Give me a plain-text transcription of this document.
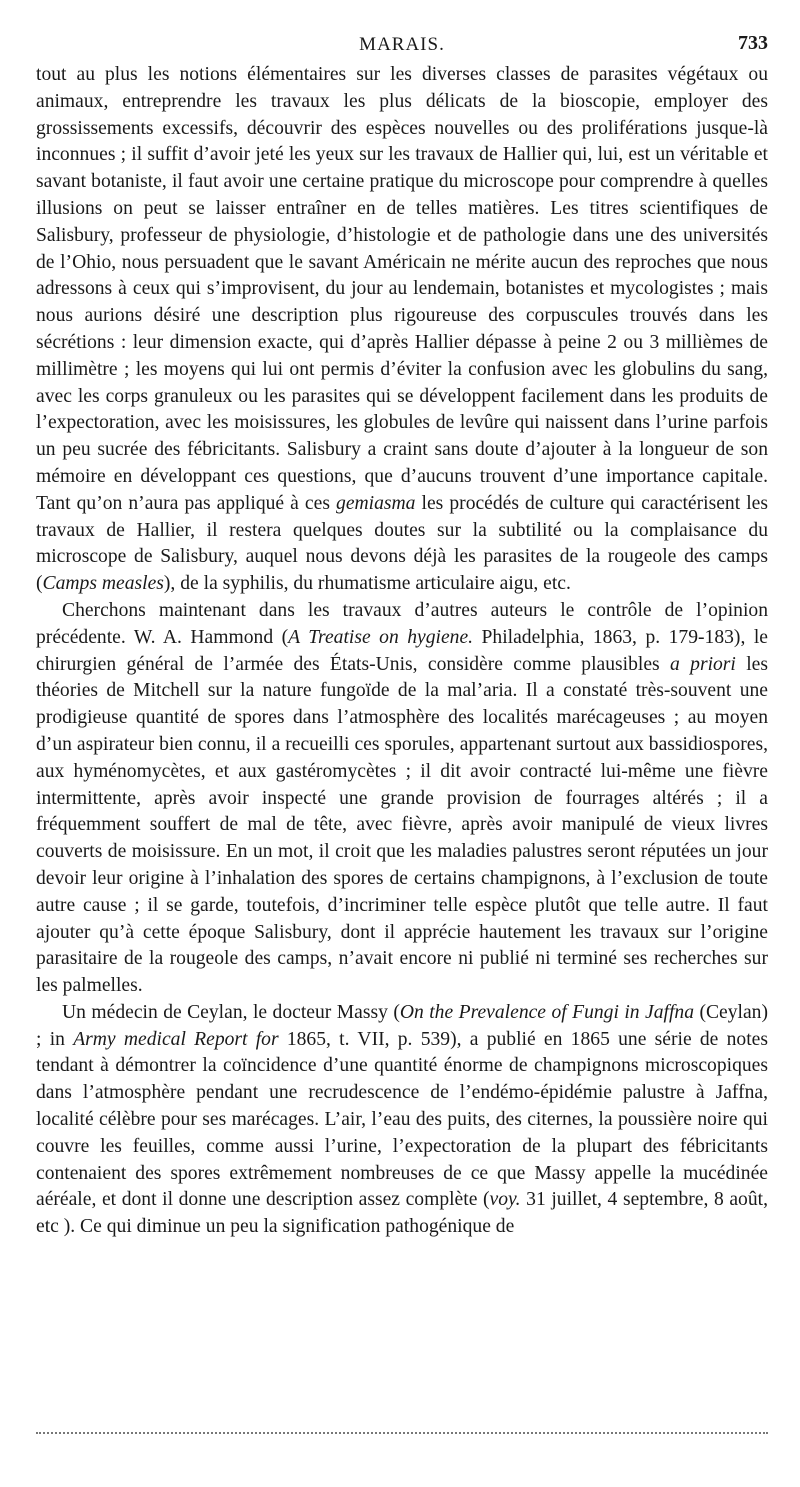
MARAIS.	733

tout au plus les notions élémentaires sur les diverses classes de parasites végétaux ou animaux, entreprendre les travaux les plus délicats de la bioscopie, employer des grossissements excessifs, découvrir des espèces nouvelles ou des proliférations jusque-là inconnues ; il suffit d’avoir jeté les yeux sur les travaux de Hallier qui, lui, est un véritable et savant botaniste, il faut avoir une certaine pratique du microscope pour comprendre à quelles illusions on peut se laisser entraîner en de telles matières. Les titres scientifiques de Salisbury, professeur de physiologie, d’histologie et de pathologie dans une des universités de l’Ohio, nous persuadent que le savant Américain ne mérite aucun des reproches que nous adressons à ceux qui s’improvisent, du jour au lendemain, botanistes et mycologistes ; mais nous aurions désiré une description plus rigoureuse des corpuscules trouvés dans les sécrétions : leur dimension exacte, qui d’après Hallier dépasse à peine 2 ou 3 millièmes de millimètre ; les moyens qui lui ont permis d’éviter la confusion avec les globulins du sang, avec les corps granuleux ou les parasites qui se développent facilement dans les produits de l’expectoration, avec les moisissures, les globules de levûre qui naissent dans l’urine parfois un peu sucrée des fébricitants. Salisbury a craint sans doute d’ajouter à la longueur de son mémoire en développant ces questions, que d’aucuns trouvent d’une importance capitale. Tant qu’on n’aura pas appliqué à ces gemiasma les procédés de culture qui caractérisent les travaux de Hallier, il restera quelques doutes sur la subtilité ou la complaisance du microscope de Salisbury, auquel nous devons déjà les parasites de la rougeole des camps (Camps measles), de la syphilis, du rhumatisme articulaire aigu, etc.

Cherchons maintenant dans les travaux d’autres auteurs le contrôle de l’opinion précédente. W. A. Hammond (A Treatise on hygiene. Philadelphia, 1863, p. 179-183), le chirurgien général de l’armée des États-Unis, considère comme plausibles a priori les théories de Mitchell sur la nature fungoïde de la mal’aria. Il a constaté très-souvent une prodigieuse quantité de spores dans l’atmosphère des localités marécageuses ; au moyen d’un aspirateur bien connu, il a recueilli ces sporules, appartenant surtout aux bassidiospores, aux hyménomycètes, et aux gastéromycètes ; il dit avoir contracté lui-même une fièvre intermittente, après avoir inspecté une grande provision de fourrages altérés ; il a fréquemment souffert de mal de tête, avec fièvre, après avoir manipulé de vieux livres couverts de moisissure. En un mot, il croit que les maladies palustres seront réputées un jour devoir leur origine à l’inhalation des spores de certains champignons, à l’exclusion de toute autre cause ; il se garde, toutefois, d’incriminer telle espèce plutôt que telle autre. Il faut ajouter qu’à cette époque Salisbury, dont il apprécie hautement les travaux sur l’origine parasitaire de la rougeole des camps, n’avait encore ni publié ni terminé ses recherches sur les palmelles.

Un médecin de Ceylan, le docteur Massy (On the Prevalence of Fungi in Jaffna (Ceylan) ; in Army medical Report for 1865, t. VII, p. 539), a publié en 1865 une série de notes tendant à démontrer la coïncidence d’une quantité énorme de champignons microscopiques dans l’atmosphère pendant une recrudescence de l’endémo-épidémie palustre à Jaffna, localité célèbre pour ses marécages. L’air, l’eau des puits, des citernes, la poussière noire qui couvre les feuilles, comme aussi l’urine, l’expectoration de la plupart des fébricitants contenaient des spores extrêmement nombreuses de ce que Massy appelle la mucédinée aéréale, et dont il donne une description assez complète (voy. 31 juillet, 4 septembre, 8 août, etc ). Ce qui diminue un peu la signification pathogénique de
